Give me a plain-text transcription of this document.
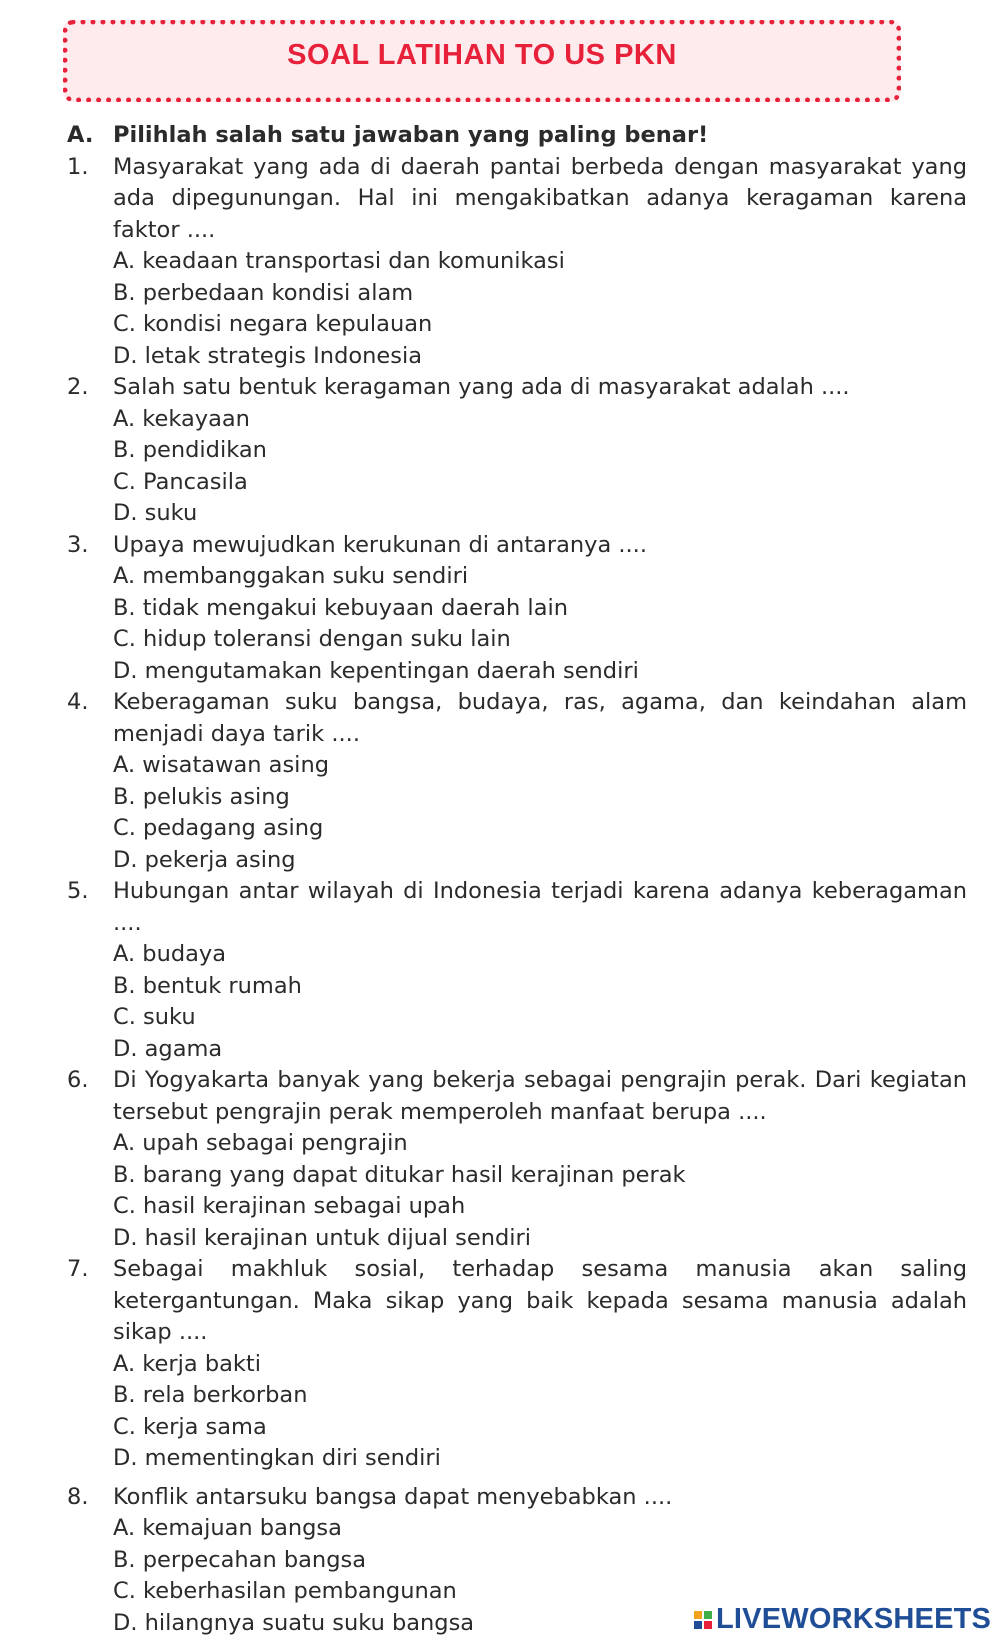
SOAL LATIHAN TO US PKN
A. Pilihlah salah satu jawaban yang paling benar!
1.	Masyarakat yang ada di daerah pantai berbeda dengan masyarakat yang ada dipegunungan. Hal ini mengakibatkan adanya keragaman karena faktor ....
A. keadaan transportasi dan komunikasi
B. perbedaan kondisi alam
C. kondisi negara kepulauan
D. letak strategis Indonesia
2.	Salah satu bentuk keragaman yang ada di masyarakat adalah ....
A. kekayaan
B. pendidikan
C. Pancasila
D. suku
3.	Upaya mewujudkan kerukunan di antaranya ....
A. membanggakan suku sendiri
B. tidak mengakui kebuyaan daerah lain
C. hidup toleransi dengan suku lain
D. mengutamakan kepentingan daerah sendiri
4.	Keberagaman suku bangsa, budaya, ras, agama, dan keindahan alam menjadi daya tarik ....
A. wisatawan asing
B. pelukis asing
C. pedagang asing
D. pekerja asing
5.	Hubungan antar wilayah di Indonesia terjadi karena adanya keberagaman ....
A. budaya
B. bentuk rumah
C. suku
D. agama
6.	Di Yogyakarta banyak yang bekerja sebagai pengrajin perak. Dari kegiatan tersebut pengrajin perak memperoleh manfaat berupa ....
A. upah sebagai pengrajin
B. barang yang dapat ditukar hasil kerajinan perak
C. hasil kerajinan sebagai upah
D. hasil kerajinan untuk dijual sendiri
7.	Sebagai makhluk sosial, terhadap sesama manusia akan saling ketergantungan. Maka sikap yang baik kepada sesama manusia adalah sikap ....
A. kerja bakti
B. rela berkorban
C. kerja sama
D. mementingkan diri sendiri
8.	Konflik antarsuku bangsa dapat menyebabkan ....
A. kemajuan bangsa
B. perpecahan bangsa
C. keberhasilan pembangunan
D. hilangnya suatu suku bangsa	LIVEWORKSHEETS
